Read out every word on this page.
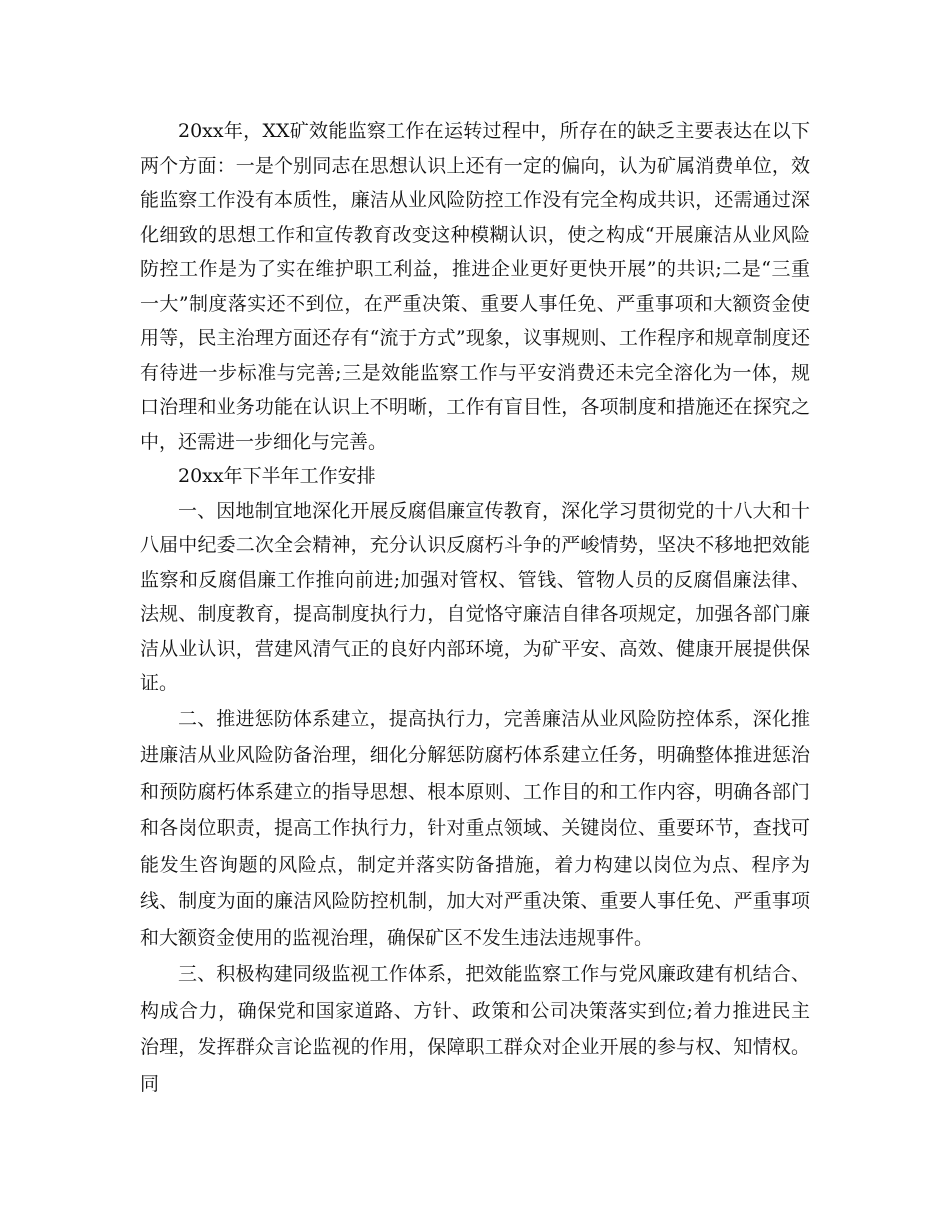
20xx年，XX矿效能监察工作在运转过程中，所存在的缺乏主要表达在以下两个方面：一是个别同志在思想认识上还有一定的偏向，认为矿属消费单位，效能监察工作没有本质性，廉洁从业风险防控工作没有完全构成共识，还需通过深化细致的思想工作和宣传教育改变这种模糊认识，使之构成“开展廉洁从业风险防控工作是为了实在维护职工利益，推进企业更好更快开展”的共识;二是“三重一大”制度落实还不到位，在严重决策、重要人事任免、严重事项和大额资金使用等，民主治理方面还存有“流于方式”现象，议事规则、工作程序和规章制度还有待进一步标准与完善;三是效能监察工作与平安消费还未完全溶化为一体，规口治理和业务功能在认识上不明晰，工作有盲目性，各项制度和措施还在探究之中，还需进一步细化与完善。

20xx年下半年工作安排

一、因地制宜地深化开展反腐倡廉宣传教育，深化学习贯彻党的十八大和十八届中纪委二次全会精神，充分认识反腐朽斗争的严峻情势，坚决不移地把效能监察和反腐倡廉工作推向前进;加强对管权、管钱、管物人员的反腐倡廉法律、法规、制度教育，提高制度执行力，自觉恪守廉洁自律各项规定，加强各部门廉洁从业认识，营建风清气正的良好内部环境，为矿平安、高效、健康开展提供保证。

二、推进惩防体系建立，提高执行力，完善廉洁从业风险防控体系，深化推进廉洁从业风险防备治理，细化分解惩防腐朽体系建立任务，明确整体推进惩治和预防腐朽体系建立的指导思想、根本原则、工作目的和工作内容，明确各部门和各岗位职责，提高工作执行力，针对重点领域、关键岗位、重要环节，查找可能发生咨询题的风险点，制定并落实防备措施，着力构建以岗位为点、程序为线、制度为面的廉洁风险防控机制，加大对严重决策、重要人事任免、严重事项和大额资金使用的监视治理，确保矿区不发生违法违规事件。

三、积极构建同级监视工作体系，把效能监察工作与党风廉政建有机结合、构成合力，确保党和国家道路、方针、政策和公司决策落实到位;着力推进民主治理，发挥群众言论监视的作用，保障职工群众对企业开展的参与权、知情权。同
